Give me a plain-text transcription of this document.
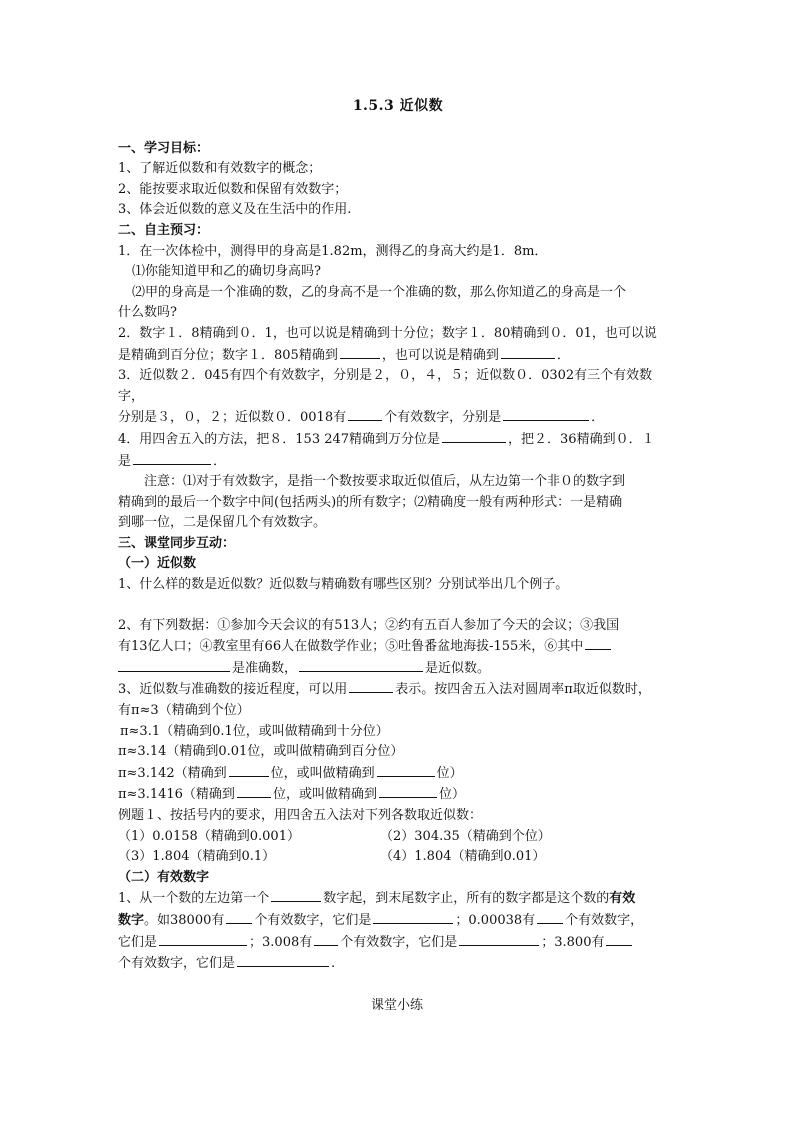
1.5.3 近似数

一、学习目标：

1、了解近似数和有效数字的概念；

2、能按要求取近似数和保留有效数字；

3、体会近似数的意义及在生活中的作用.

二、自主预习：

1．在一次体检中，测得甲的身高是1.82m，测得乙的身高大约是1．8m．

⑴你能知道甲和乙的确切身高吗?

⑵甲的身高是一个准确的数，乙的身高不是一个准确的数，那么你知道乙的身高是一个

什么数吗?

2．数字１．8精确到０．1，也可以说是精确到十分位；数字１．80精确到０．01，也可以说

是精确到百分位；数字１．805精确到	，也可以说是精确到	．

3．近似数２．045有四个有效数字，分别是２，０，４，５；近似数０．0302有三个有效数字，

分别是３，０，２；近似数０．0018有	个有效数字，分别是	．

4．用四舍五入的方法，把８．153 247精确到万分位是	，把２．36精确到０．１

是	．

注意：⑴对于有效数字，是指一个数按要求取近似值后，从左边第一个非０的数字到

精确到的最后一个数字中间(包括两头)的所有数字；⑵精确度一般有两种形式：一是精确

到哪一位，二是保留几个有效数字。

三、课堂同步互动：

（一）近似数

1、什么样的数是近似数？近似数与精确数有哪些区别？分别试举出几个例子。

2、有下列数据：①参加今天会议的有513人；②约有五百人参加了今天的会议；③我国

有13亿人口；④教室里有66人在做数学作业；⑤吐鲁番盆地海拔-155米，⑥其中

是准确数，	是近似数。

3、近似数与准确数的接近程度，可以用	表示。按四舍五入法对圆周率π取近似数时，

有π≈3（精确到个位）

π≈3.1（精确到0.1位，或叫做精确到十分位）

π≈3.14（精确到0.01位，或叫做精确到百分位）

π≈3.142（精确到	位，或叫做精确到	位）

π≈3.1416（精确到	位，或叫做精确到	位）

例题１、按括号内的要求，用四舍五入法对下列各数取近似数：

（1）0.0158（精确到0.001）	（2）304.35（精确到个位）

（3）1.804（精确到0.1）	（4）1.804（精确到0.01）

（二）有效数字

1、从一个数的左边第一个	数字起，到末尾数字止，所有的数字都是这个数的有效

数字。如38000有 个有效数字，它们是	；0.00038有 个有效数字，

它们是	；3.008有 个有效数字，它们是	；3.800有

个有效数字，它们是	.

课堂小练
